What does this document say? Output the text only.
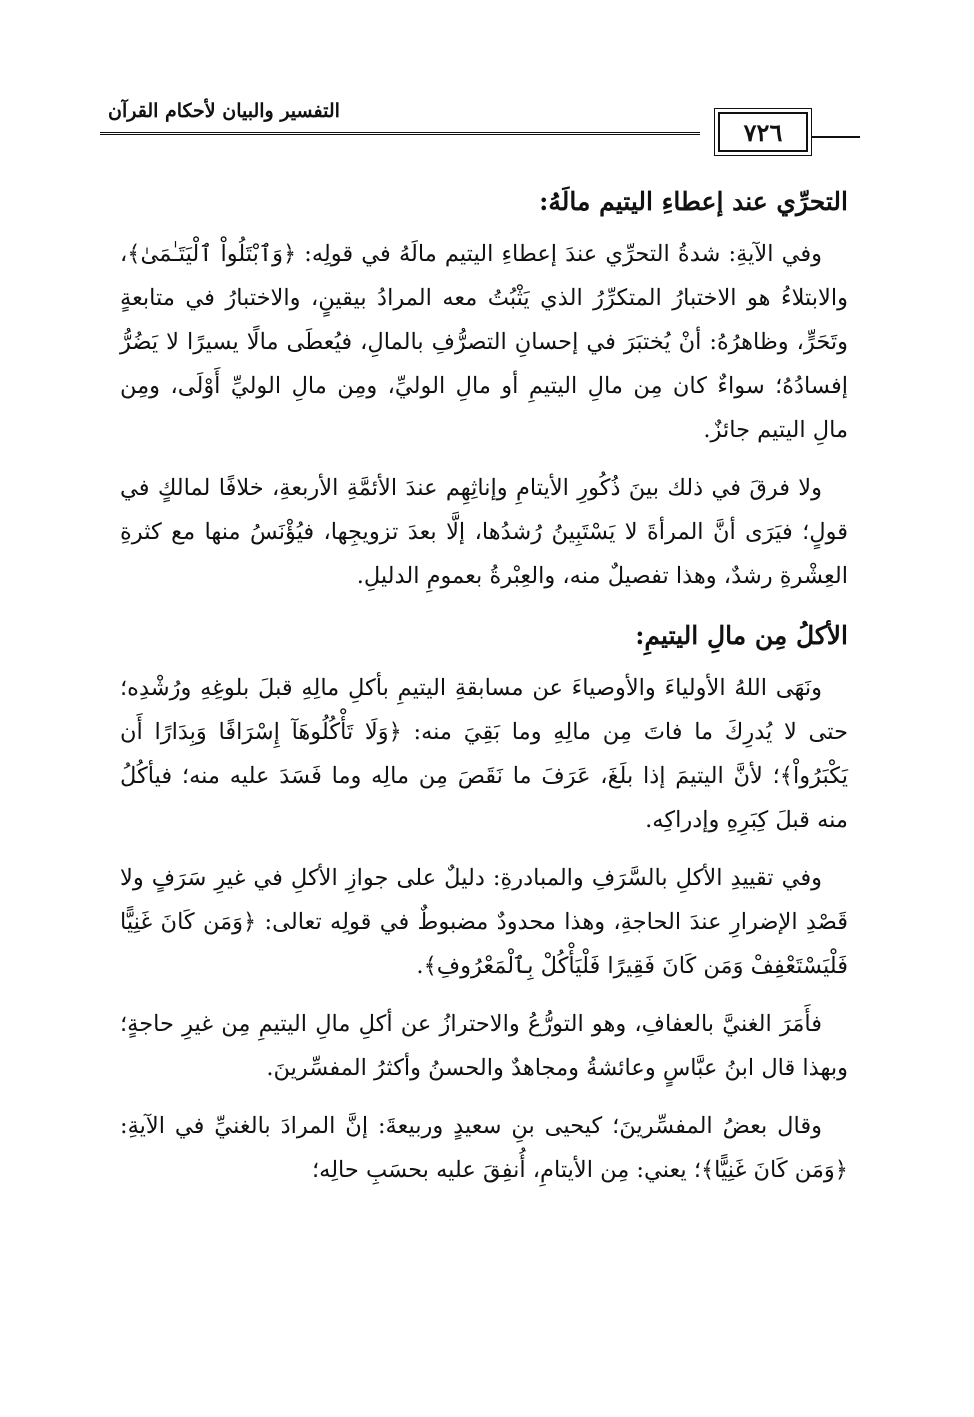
التفسير والبيان لأحكام القرآن
٧٢٦
التحرِّي عند إعطاءِ اليتيم مالَهُ:

وفي الآيةِ: شدةُ التحرِّي عندَ إعطاءِ اليتيم مالَهُ في قولِه: ﴿وَٱبْتَلُواْ ٱلْيَتَـٰمَىٰ﴾، والابتلاءُ هو الاختبارُ المتكرِّرُ الذي يَثْبُتُ معه المرادُ بيقينٍ، والاختبارُ في متابعةٍ وتَحَرٍّ، وظاهرُهُ: أنْ يُختبَرَ في إحسانِ التصرُّفِ بالمالِ، فيُعطَى مالًا يسيرًا لا يَضُرُّ إفسادُهُ؛ سواءٌ كان مِن مالِ اليتيمِ أو مالِ الوليِّ، ومِن مالِ الوليِّ أَوْلَى، ومِن مالِ اليتيم جائزٌ.

ولا فرقَ في ذلك بينَ ذُكُورِ الأيتامِ وإناثِهِم عندَ الأئمَّةِ الأربعةِ، خلافًا لمالكٍ في قولٍ؛ فيَرَى أنَّ المرأةَ لا يَسْتَبِينُ رُشدُها، إلَّا بعدَ تزويجِها، فيُؤْنَسُ منها مع كثرةِ العِشْرةِ رشدٌ، وهذا تفصيلٌ منه، والعِبْرةُ بعمومِ الدليلِ.

الأكلُ مِن مالِ اليتيمِ:

ونَهَى اللهُ الأولياءَ والأوصياءَ عن مسابقةِ اليتيمِ بأكلِ مالِهِ قبلَ بلوغِهِ ورُشْدِه؛ حتى لا يُدرِكَ ما فاتَ مِن مالِهِ وما بَقِيَ منه: ﴿وَلَا تَأْكُلُوهَآ إِسْرَافًا وَبِدَارًا أَن يَكْبَرُواْ﴾؛ لأنَّ اليتيمَ إذا بلَغَ، عَرَفَ ما نَقَصَ مِن مالِه وما فَسَدَ عليه منه؛ فيأكُلُ منه قبلَ كِبَرِهِ وإدراكِه.

وفي تقييدِ الأكلِ بالسَّرَفِ والمبادرةِ: دليلٌ على جوازِ الأكلِ في غيرِ سَرَفٍ ولا قَصْدِ الإضرارِ عندَ الحاجةِ، وهذا محدودٌ مضبوطٌ في قولِه تعالى: ﴿وَمَن كَانَ غَنِيًّا فَلْيَسْتَعْفِفْ وَمَن كَانَ فَقِيرًا فَلْيَأْكُلْ بِٱلْمَعْرُوفِ﴾.

فأَمَرَ الغنيَّ بالعفافِ، وهو التورُّعُ والاحترازُ عن أكلِ مالِ اليتيمِ مِن غيرِ حاجةٍ؛ وبهذا قال ابنُ عبَّاسٍ وعائشةُ ومجاهدٌ والحسنُ وأكثرُ المفسِّرينَ.

وقال بعضُ المفسِّرينَ؛ كيحيى بنِ سعيدٍ وربيعةَ: إنَّ المرادَ بالغنيِّ في الآيةِ: ﴿وَمَن كَانَ غَنِيًّا﴾؛ يعني: مِن الأيتامِ، أُنفِقَ عليه بحسَبِ حالِه؛
